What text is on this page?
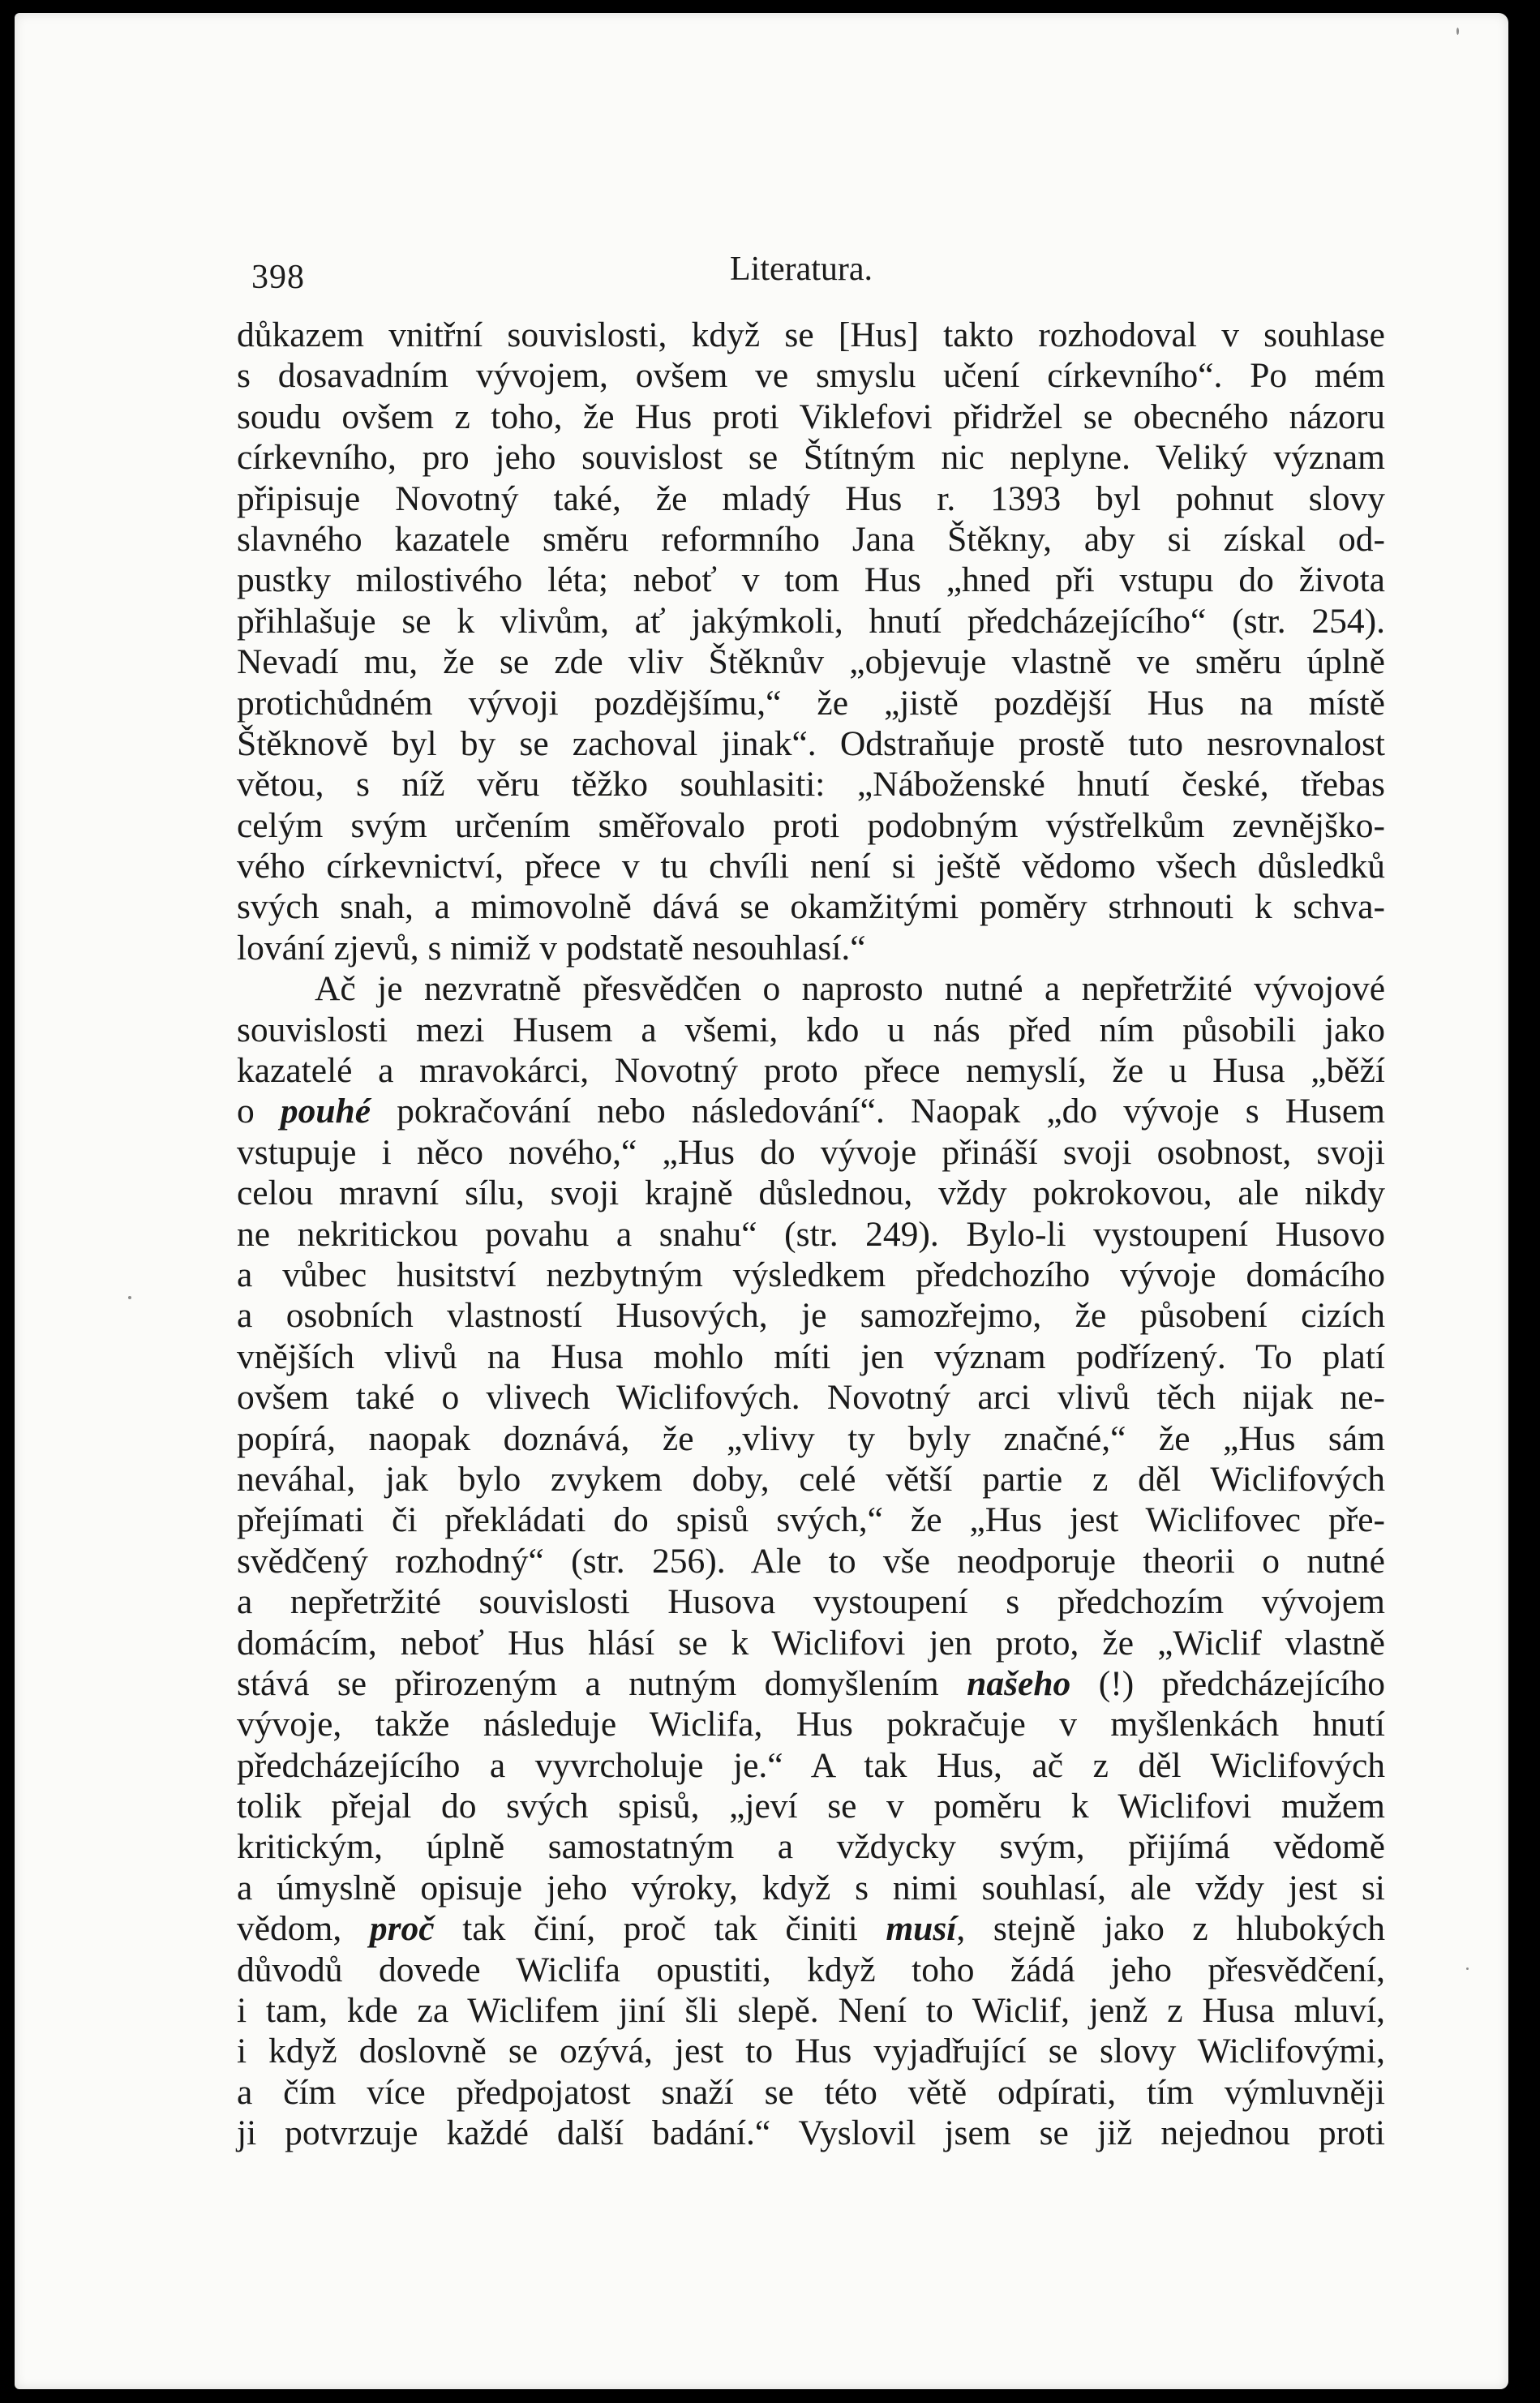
398	Literatura.
důkazem vnitřní souvislosti, když se [Hus] takto rozhodoval v souhlase
s dosavadním vývojem, ovšem ve smyslu učení církevního“. Po mém
soudu ovšem z toho, že Hus proti Viklefovi přidržel se obecného názoru
církevního, pro jeho souvislost se Štítným nic neplyne. Veliký význam
připisuje Novotný také, že mladý Hus r. 1393 byl pohnut slovy
slavného kazatele směru reformního Jana Štěkny, aby si získal od-
pustky milostivého léta; neboť v tom Hus „hned při vstupu do života
přihlašuje se k vlivům, ať jakýmkoli, hnutí předcházejícího“ (str. 254).
Nevadí mu, že se zde vliv Štěknův „objevuje vlastně ve směru úplně
protichůdném vývoji pozdějšímu,“ že „jistě pozdější Hus na místě
Štěknově byl by se zachoval jinak“. Odstraňuje prostě tuto nesrovnalost
větou, s níž věru těžko souhlasiti: „Náboženské hnutí české, třebas
celým svým určením směřovalo proti podobným výstřelkům zevnějško-
vého církevnictví, přece v tu chvíli není si ještě vědomo všech důsledků
svých snah, a mimovolně dává se okamžitými poměry strhnouti k schva-
lování zjevů, s nimiž v podstatě nesouhlasí.“
Ač je nezvratně přesvědčen o naprosto nutné a nepřetržité vývojové
souvislosti mezi Husem a všemi, kdo u nás před ním působili jako
kazatelé a mravokárci, Novotný proto přece nemyslí, že u Husa „běží
o pouhé pokračování nebo následování“. Naopak „do vývoje s Husem
vstupuje i něco nového,“ „Hus do vývoje přináší svoji osobnost, svoji
celou mravní sílu, svoji krajně důslednou, vždy pokrokovou, ale nikdy
ne nekritickou povahu a snahu“ (str. 249). Bylo-li vystoupení Husovo
a vůbec husitství nezbytným výsledkem předchozího vývoje domácího
a osobních vlastností Husových, je samozřejmo, že působení cizích
vnějších vlivů na Husa mohlo míti jen význam podřízený. To platí
ovšem také o vlivech Wiclifových. Novotný arci vlivů těch nijak ne-
popírá, naopak doznává, že „vlivy ty byly značné,“ že „Hus sám
neváhal, jak bylo zvykem doby, celé větší partie z děl Wiclifových
přejímati či překládati do spisů svých,“ že „Hus jest Wiclifovec pře-
svědčený rozhodný“ (str. 256). Ale to vše neodporuje theorii o nutné
a nepřetržité souvislosti Husova vystoupení s předchozím vývojem
domácím, neboť Hus hlásí se k Wiclifovi jen proto, že „Wiclif vlastně
stává se přirozeným a nutným domyšlením našeho (!) předcházejícího
vývoje, takže následuje Wiclifa, Hus pokračuje v myšlenkách hnutí
předcházejícího a vyvrcholuje je.“ A tak Hus, ač z děl Wiclifových
tolik přejal do svých spisů, „jeví se v poměru k Wiclifovi mužem
kritickým, úplně samostatným a vždycky svým, přijímá vědomě
a úmyslně opisuje jeho výroky, když s nimi souhlasí, ale vždy jest si
vědom, proč tak činí, proč tak činiti musí, stejně jako z hlubokých
důvodů dovede Wiclifa opustiti, když toho žádá jeho přesvědčení,
i tam, kde za Wiclifem jiní šli slepě. Není to Wiclif, jenž z Husa mluví,
i když doslovně se ozývá, jest to Hus vyjadřující se slovy Wiclifovými,
a čím více předpojatost snaží se této větě odpírati, tím výmluvněji
ji potvrzuje každé další badání.“ Vyslovil jsem se již nejednou proti
